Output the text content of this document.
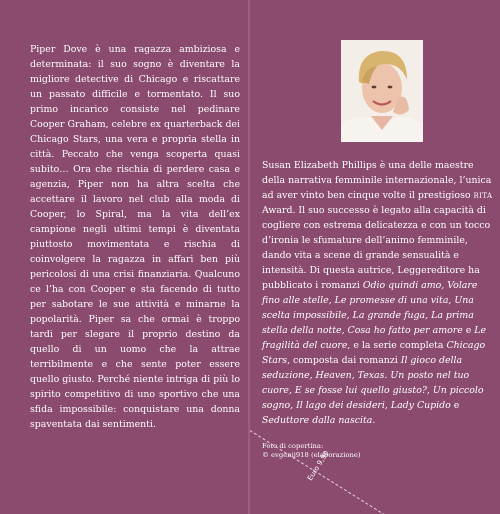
Piper Dove è una ragazza ambiziosa e determinata: il suo sogno è diventare la migliore detective di Chicago e riscattare un passato difficile e tormentato. Il suo primo incarico consiste nel pedinare Cooper Graham, celebre ex quarterback dei Chicago Stars, una vera e propria stella in città. Peccato che venga scoperta quasi subito… Ora che rischia di perdere casa e agenzia, Piper non ha altra scelta che accettare il lavoro nel club alla moda di Cooper, lo Spiral, ma la vita dell’ex campione negli ultimi tempi è diventata piuttosto movimentata e rischia di coinvolgere la ragazza in affari ben più pericolosi di una crisi finanziaria. Qualcuno ce l’ha con Cooper e sta facendo di tutto per sabotare le sue attività e minarne la popolarità. Piper sa che ormai è troppo tardi per slegare il proprio destino da quello di un uomo che la attrae terribilmente e che sente poter essere quello giusto. Perché niente intriga di più lo spirito competitivo di uno sportivo che una sfida impossibile: conquistare una donna spaventata dai sentimenti.

Susan Elizabeth Phillips è una delle maestre della narrativa femminile internazionale, l’unica ad aver vinto ben cinque volte il prestigioso rita Award. Il suo successo è legato alla capacità di cogliere con estrema delicatezza e con un tocco d’ironia le sfumature dell’animo femminile, dando vita a scene di grande sensualità e intensità. Di questa autrice, Leggereditore ha pubblicato i romanzi Odio quindi amo, Volare fino alle stelle, Le promesse di una vita, Una scelta impossibile, La grande fuga, La prima stella della notte, Cosa ho fatto per amore e Le fragilità del cuore, e la serie completa Chicago Stars, composta dai romanzi Il gioco della seduzione, Heaven, Texas. Un posto nel tuo cuore, E se fosse lui quello giusto?, Un piccolo sogno, Il lago dei desideri, Lady Cupido e Seduttore dalla nascita.

Foto di copertina:
© evgenij918 (elaborazione)
Euro 9,90
